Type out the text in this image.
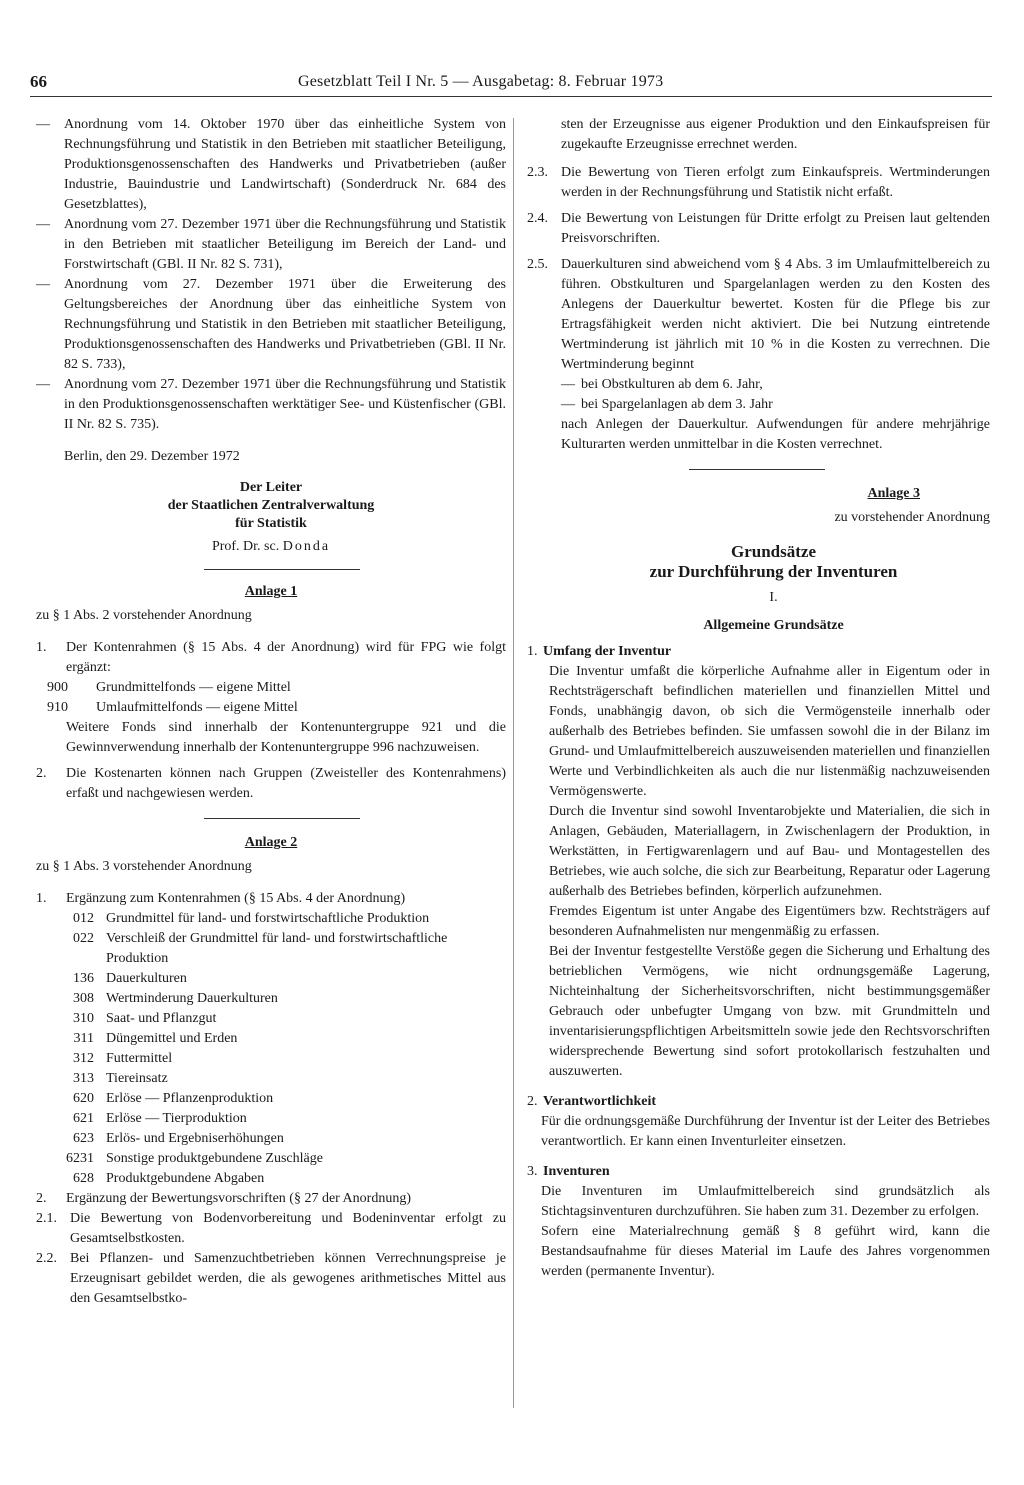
66	Gesetzblatt Teil I Nr. 5 — Ausgabetag: 8. Februar 1973
— Anordnung vom 14. Oktober 1970 über das einheitliche System von Rechnungsführung und Statistik in den Betrieben mit staatlicher Beteiligung, Produktionsgenossenschaften des Handwerks und Privatbetrieben (außer Industrie, Bauindustrie und Landwirtschaft) (Sonderdruck Nr. 684 des Gesetzblattes),
— Anordnung vom 27. Dezember 1971 über die Rechnungsführung und Statistik in den Betrieben mit staatlicher Beteiligung im Bereich der Land- und Forstwirtschaft (GBl. II Nr. 82 S. 731),
— Anordnung vom 27. Dezember 1971 über die Erweiterung des Geltungsbereiches der Anordnung über das einheitliche System von Rechnungsführung und Statistik in den Betrieben mit staatlicher Beteiligung, Produktionsgenossenschaften des Handwerks und Privatbetrieben (GBl. II Nr. 82 S. 733),
— Anordnung vom 27. Dezember 1971 über die Rechnungsführung und Statistik in den Produktionsgenossenschaften werktätiger See- und Küstenfischer (GBl. II Nr. 82 S. 735).

Berlin, den 29. Dezember 1972

Der Leiter
der Staatlichen Zentralverwaltung
für Statistik
Prof. Dr. sc. Donda
Anlage 1

zu § 1 Abs. 2 vorstehender Anordnung

1. Der Kontenrahmen (§ 15 Abs. 4 der Anordnung) wird für FPG wie folgt ergänzt:
900 Grundmittelfonds — eigene Mittel
910 Umlaufmittelfonds — eigene Mittel

Weitere Fonds sind innerhalb der Kontenuntergruppe 921 und die Gewinnverwendung innerhalb der Kontenuntergruppe 996 nachzuweisen.

2. Die Kostenarten können nach Gruppen (Zweisteller des Kontenrahmens) erfaßt und nachgewiesen werden.
Anlage 2

zu § 1 Abs. 3 vorstehender Anordnung

1. Ergänzung zum Kontenrahmen (§ 15 Abs. 4 der Anordnung)
012 Grundmittel für land- und forstwirtschaftliche Produktion
022 Verschleiß der Grundmittel für land- und forstwirtschaftliche Produktion
136 Dauerkulturen
308 Wertminderung Dauerkulturen
310 Saat- und Pflanzgut
311 Düngemittel und Erden
312 Futtermittel
313 Tiereinsatz
620 Erlöse — Pflanzenproduktion
621 Erlöse — Tierproduktion
623 Erlös- und Ergebniserhöhungen
6231 Sonstige produktgebundene Zuschläge
628 Produktgebundene Abgaben
2. Ergänzung der Bewertungsvorschriften (§ 27 der Anordnung)
2.1. Die Bewertung von Bodenvorbereitung und Bodeninventar erfolgt zu Gesamtselbstkosten.
2.2. Bei Pflanzen- und Samenzuchtbetrieben können Verrechnungspreise je Erzeugnisart gebildet werden, die als gewogenes arithmetisches Mittel aus den Gesamtselbstko-

sten der Erzeugnisse aus eigener Produktion und den Einkaufspreisen für zugekaufte Erzeugnisse errechnet werden.

2.3. Die Bewertung von Tieren erfolgt zum Einkaufspreis. Wertminderungen werden in der Rechnungsführung und Statistik nicht erfaßt.
2.4. Die Bewertung von Leistungen für Dritte erfolgt zu Preisen laut geltenden Preisvorschriften.
2.5. Dauerkulturen sind abweichend vom § 4 Abs. 3 im Umlaufmittelbereich zu führen. Obstkulturen und Spargelanlagen werden zu den Kosten des Anlegens der Dauerkultur bewertet. Kosten für die Pflege bis zur Ertragsfähigkeit werden nicht aktiviert. Die bei Nutzung eintretende Wertminderung ist jährlich mit 10 % in die Kosten zu verrechnen. Die Wertminderung beginnt
— bei Obstkulturen ab dem 6. Jahr,
— bei Spargelanlagen ab dem 3. Jahr

nach Anlegen der Dauerkultur. Aufwendungen für andere mehrjährige Kulturarten werden unmittelbar in die Kosten verrechnet.

Anlage 3
zu vorstehender Anordnung
Grundsätze
zur Durchführung der Inventuren
I.
Allgemeine Grundsätze
1. Umfang der Inventur

Die Inventur umfaßt die körperliche Aufnahme aller in Eigentum oder in Rechtsträgerschaft befindlichen materiellen und finanziellen Mittel und Fonds, unabhängig davon, ob sich die Vermögensteile innerhalb oder außerhalb des Betriebes befinden. Sie umfassen sowohl die in der Bilanz im Grund- und Umlaufmittelbereich auszuweisenden materiellen und finanziellen Werte und Verbindlichkeiten als auch die nur listenmäßig nachzuweisenden Vermögenswerte.

Durch die Inventur sind sowohl Inventarobjekte und Materialien, die sich in Anlagen, Gebäuden, Materiallagern, in Zwischenlagern der Produktion, in Werkstätten, in Fertigwarenlagern und auf Bau- und Montagestellen des Betriebes, wie auch solche, die sich zur Bearbeitung, Reparatur oder Lagerung außerhalb des Betriebes befinden, körperlich aufzunehmen.

Fremdes Eigentum ist unter Angabe des Eigentümers bzw. Rechtsträgers auf besonderen Aufnahmelisten nur mengenmäßig zu erfassen.

Bei der Inventur festgestellte Verstöße gegen die Sicherung und Erhaltung des betrieblichen Vermögens, wie nicht ordnungsgemäße Lagerung, Nichteinhaltung der Sicherheitsvorschriften, nicht bestimmungsgemäßer Gebrauch oder unbefugter Umgang von bzw. mit Grundmitteln und inventarisierungspflichtigen Arbeitsmitteln sowie jede den Rechtsvorschriften widersprechende Bewertung sind sofort protokollarisch festzuhalten und auszuwerten.

2. Verantwortlichkeit

Für die ordnungsgemäße Durchführung der Inventur ist der Leiter des Betriebes verantwortlich. Er kann einen Inventurleiter einsetzen.

3. Inventuren

Die Inventuren im Umlaufmittelbereich sind grundsätzlich als Stichtagsinventuren durchzuführen. Sie haben zum 31. Dezember zu erfolgen.

Sofern eine Materialrechnung gemäß § 8 geführt wird, kann die Bestandsaufnahme für dieses Material im Laufe des Jahres vorgenommen werden (permanente Inventur).
